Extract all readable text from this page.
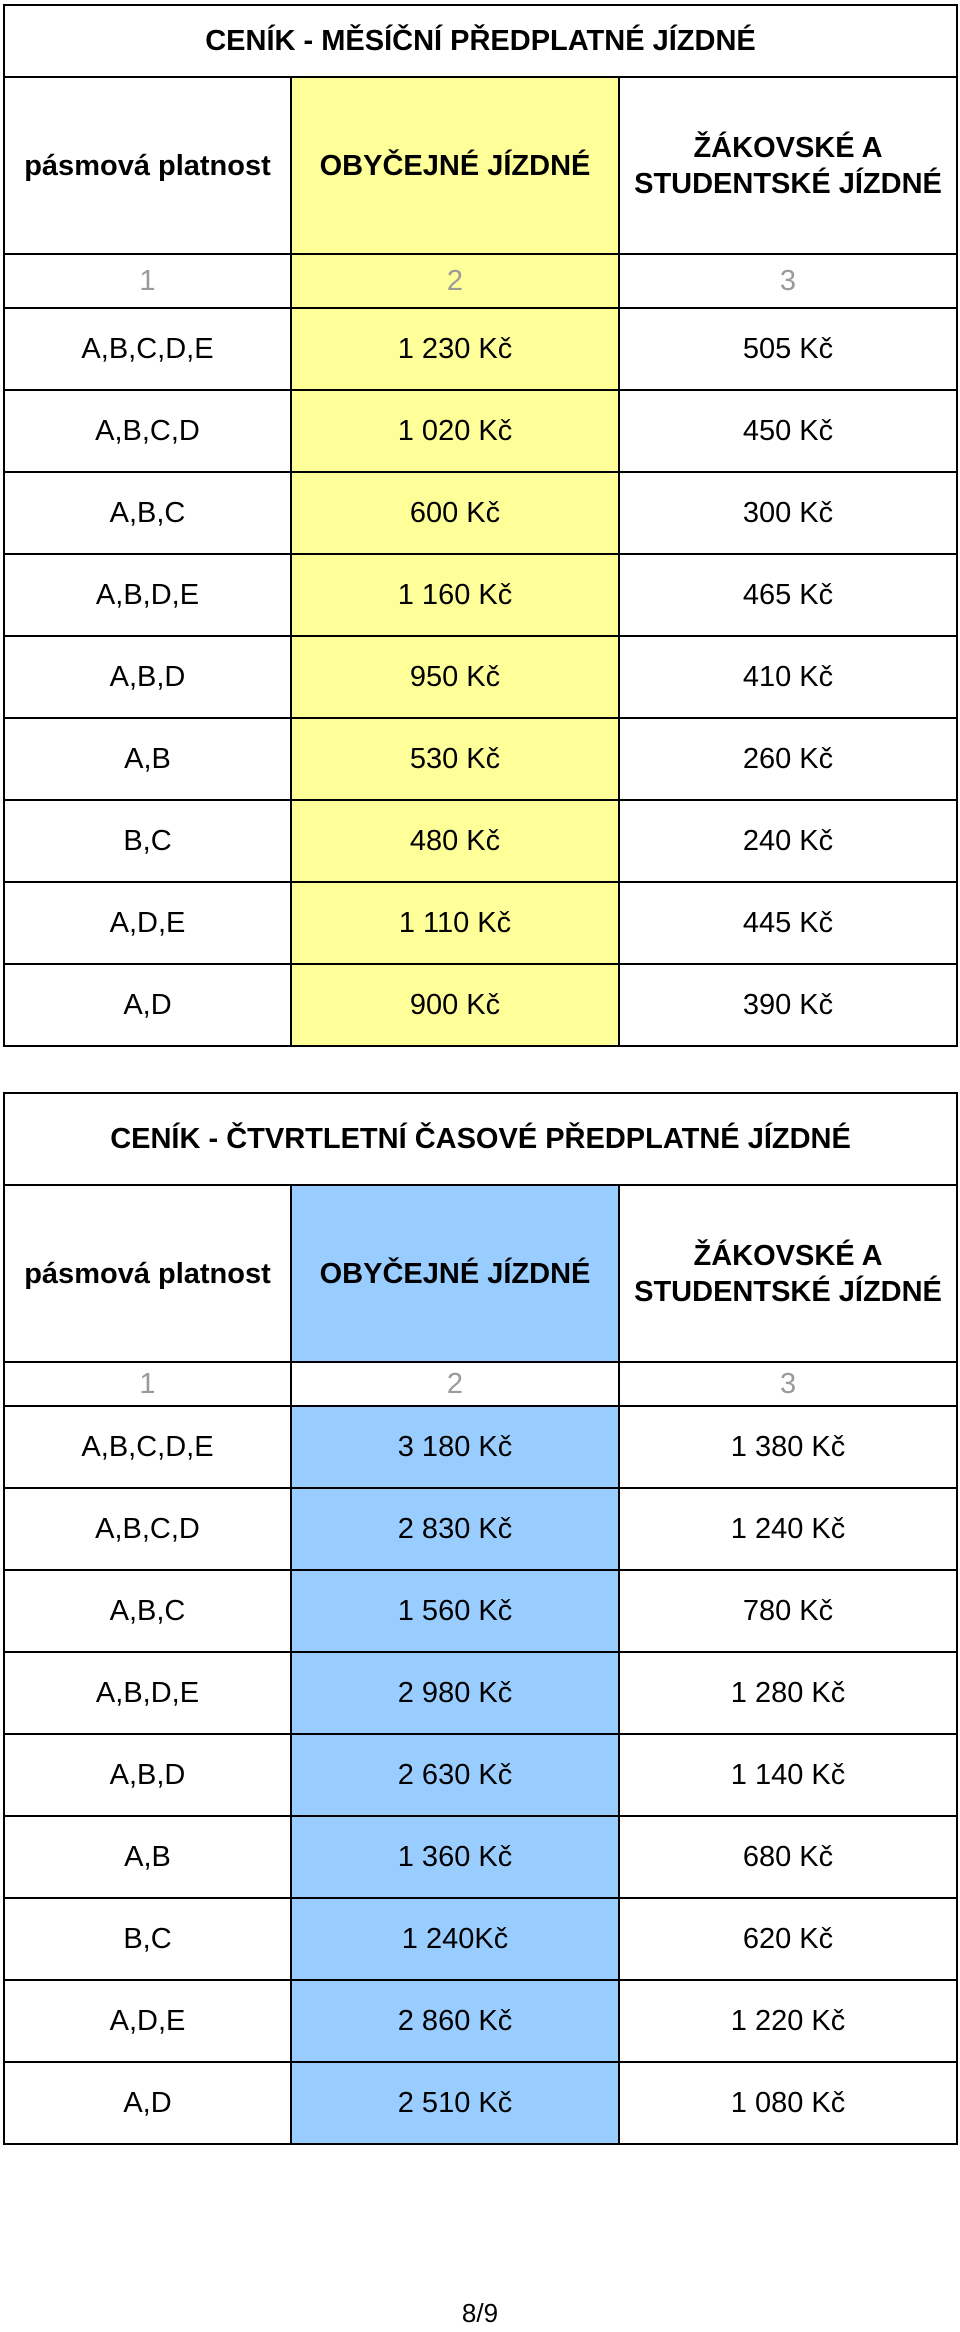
CENÍK - MĚSÍČNÍ PŘEDPLATNÉ JÍZDNÉ		
pásmová platnost	OBYČEJNÉ JÍZDNÉ	ŽÁKOVSKÉ A STUDENTSKÉ JÍZDNÉ
1	2	3
A,B,C,D,E	1 230 Kč	505 Kč
A,B,C,D	1 020 Kč	450 Kč
A,B,C	600 Kč	300 Kč
A,B,D,E	1 160 Kč	465 Kč
A,B,D	950 Kč	410 Kč
A,B	530 Kč	260 Kč
B,C	480 Kč	240 Kč
A,D,E	1 110 Kč	445 Kč
A,D	900 Kč	390 Kč
CENÍK - ČTVRTLETNÍ ČASOVÉ PŘEDPLATNÉ JÍZDNÉ		
pásmová platnost	OBYČEJNÉ JÍZDNÉ	ŽÁKOVSKÉ A STUDENTSKÉ JÍZDNÉ
1	2	3
A,B,C,D,E	3 180 Kč	1 380 Kč
A,B,C,D	2 830 Kč	1 240 Kč
A,B,C	1 560 Kč	780 Kč
A,B,D,E	2 980 Kč	1 280 Kč
A,B,D	2 630 Kč	1 140 Kč
A,B	1 360 Kč	680 Kč
B,C	1 240Kč	620 Kč
A,D,E	2 860 Kč	1 220 Kč
A,D	2 510 Kč	1 080 Kč
8/9
